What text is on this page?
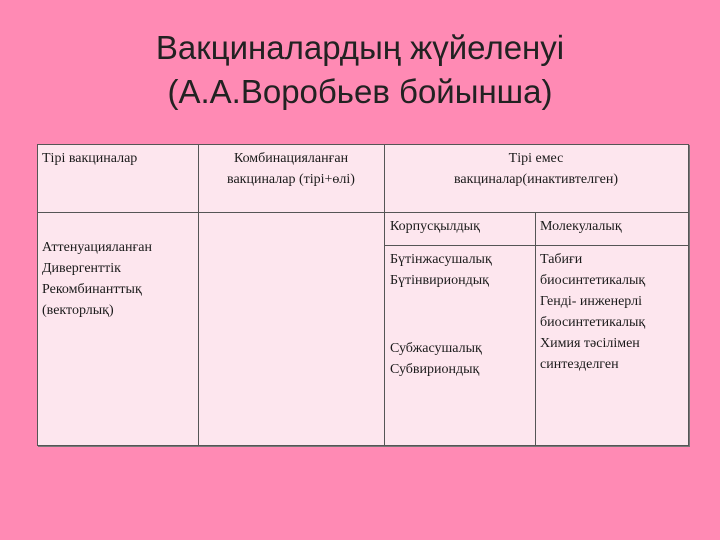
Вакциналардың жүйеленуі
(А.А.Воробьев бойынша)
Тірі вакциналар	Комбинацияланған
вакциналар (тірі+өлі)
Тірі емес
вакциналар(инактивтелген)
Корпусқылдық	Молекулалық
Аттенуацияланған
Дивергенттік
Рекомбинанттық
(векторлық)
Бүтінжасушалық
Бүтінвириондық
Субжасушалық
Субвириондық
Табиғи
биосинтетикалық
Генді- инженерлі
биосинтетикалық
Химия тәсілімен
синтезделген
